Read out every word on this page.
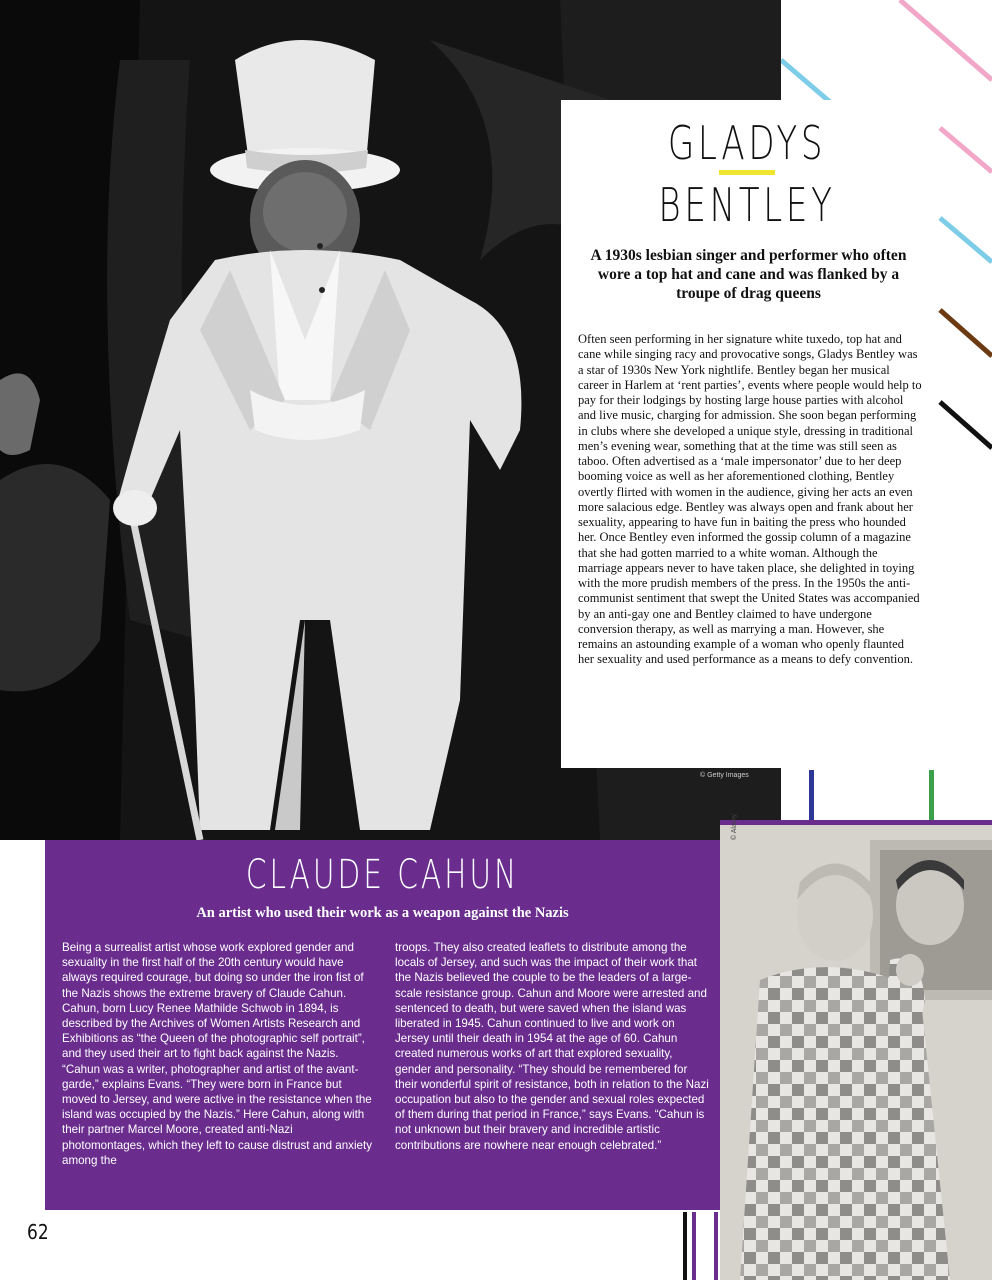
© Getty Images
GLADYS
BENTLEY
A 1930s lesbian singer and performer who often wore a top hat and cane and was flanked by a troupe of drag queens
Often seen performing in her signature white tuxedo, top hat and cane while singing racy and provocative songs, Gladys Bentley was a star of 1930s New York nightlife. Bentley began her musical career in Harlem at ‘rent parties’, events where people would help to pay for their lodgings by hosting large house parties with alcohol and live music, charging for admission. She soon began performing in clubs where she developed a unique style, dressing in traditional men’s evening wear, something that at the time was still seen as taboo. Often advertised as a ‘male impersonator’ due to her deep booming voice as well as her aforementioned clothing, Bentley overtly flirted with women in the audience, giving her acts an even more salacious edge. Bentley was always open and frank about her sexuality, appearing to have fun in baiting the press who hounded her. Once Bentley even informed the gossip column of a magazine that she had gotten married to a white woman. Although the marriage appears never to have taken place, she delighted in toying with the more prudish members of the press. In the 1950s the anti-communist sentiment that swept the United States was accompanied by an anti-gay one and Bentley claimed to have undergone conversion therapy, as well as marrying a man. However, she remains an astounding example of a woman who openly flaunted her sexuality and used performance as a means to defy convention.
CLAUDE CAHUN
An artist who used their work as a weapon against the Nazis
Being a surrealist artist whose work explored gender and sexuality in the first half of the 20th century would have always required courage, but doing so under the iron fist of the Nazis shows the extreme bravery of Claude Cahun. Cahun, born Lucy Renee Mathilde Schwob in 1894, is described by the Archives of Women Artists Research and Exhibitions as “the Queen of the photographic self portrait”, and they used their art to fight back against the Nazis. “Cahun was a writer, photographer and artist of the avant-garde,” explains Evans. “They were born in France but moved to Jersey, and were active in the resistance when the island was occupied by the Nazis.” Here Cahun, along with their partner Marcel Moore, created anti-Nazi photomontages, which they left to cause distrust and anxiety among the
troops. They also created leaflets to distribute among the locals of Jersey, and such was the impact of their work that the Nazis believed the couple to be the leaders of a large-scale resistance group. Cahun and Moore were arrested and sentenced to death, but were saved when the island was liberated in 1945. Cahun continued to live and work on Jersey until their death in 1954 at the age of 60. Cahun created numerous works of art that explored sexuality, gender and personality. “They should be remembered for their wonderful spirit of resistance, both in relation to the Nazi occupation but also to the gender and sexual roles expected of them during that period in France,” says Evans. “Cahun is not unknown but their bravery and incredible artistic contributions are nowhere near enough celebrated.”
© Alamy
62
